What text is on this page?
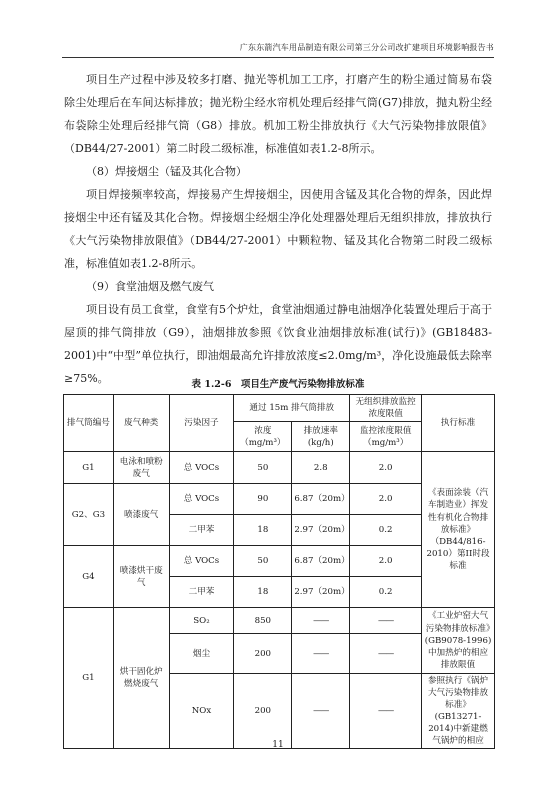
广东东箭汽车用品制造有限公司第三分公司改扩建项目环境影响报告书

项目生产过程中涉及较多打磨、抛光等机加工工序，打磨产生的粉尘通过简易布袋除尘处理后在车间达标排放；抛光粉尘经水帘机处理后经排气筒(G7)排放，抛丸粉尘经布袋除尘处理后经排气筒（G8）排放。机加工粉尘排放执行《大气污染物排放限值》（DB44/27-2001）第二时段二级标准，标准值如表1.2-8所示。

（8）焊接烟尘（锰及其化合物）

项目焊接频率较高，焊接易产生焊接烟尘，因使用含锰及其化合物的焊条，因此焊接烟尘中还有锰及其化合物。焊接烟尘经烟尘净化处理器处理后无组织排放，排放执行《大气污染物排放限值》（DB44/27-2001）中颗粒物、锰及其化合物第二时段二级标准，标准值如表1.2-8所示。

（9）食堂油烟及燃气废气

项目设有员工食堂，食堂有5个炉灶，食堂油烟通过静电油烟净化装置处理后于高于屋顶的排气筒排放（G9），油烟排放参照《饮食业油烟排放标准(试行)》(GB18483-2001)中“中型”单位执行，即油烟最高允许排放浓度≤2.0mg/m³，净化设施最低去除率≥75%。	表 1.2-6　项目生产废气污染物排放标准
排气筒编号	废气种类	污染因子	通过 15m 排气筒排放		无组织排放监控浓度限值	执行标准
			浓度（mg/m³）	排放速率(kg/h)	监控浓度限值（mg/m³）	
G1	电泳和喷粉废气	总 VOCs	50	2.8	2.0	《表面涂装（汽车制造业）挥发性有机化合物排放标准》（DB44/816-2010）第II时段标准
G2、G3	喷漆废气	总 VOCs	90	6.87（20m）	2.0	
		二甲苯	18	2.97（20m）	0.2	
G4	喷漆烘干废气	总 VOCs	50	6.87（20m）	2.0	
		二甲苯	18	2.97（20m）	0.2	
G1	烘干固化炉燃烧废气	SO₂	850	——	——	《工业炉窑大气污染物排放标准》(GB9078-1996)中加热炉的相应排放限值
		烟尘	200	——	——	
		NOx	200	——	——	参照执行《锅炉大气污染物排放标准》(GB13271-2014)中新建燃气锅炉的相应
11
